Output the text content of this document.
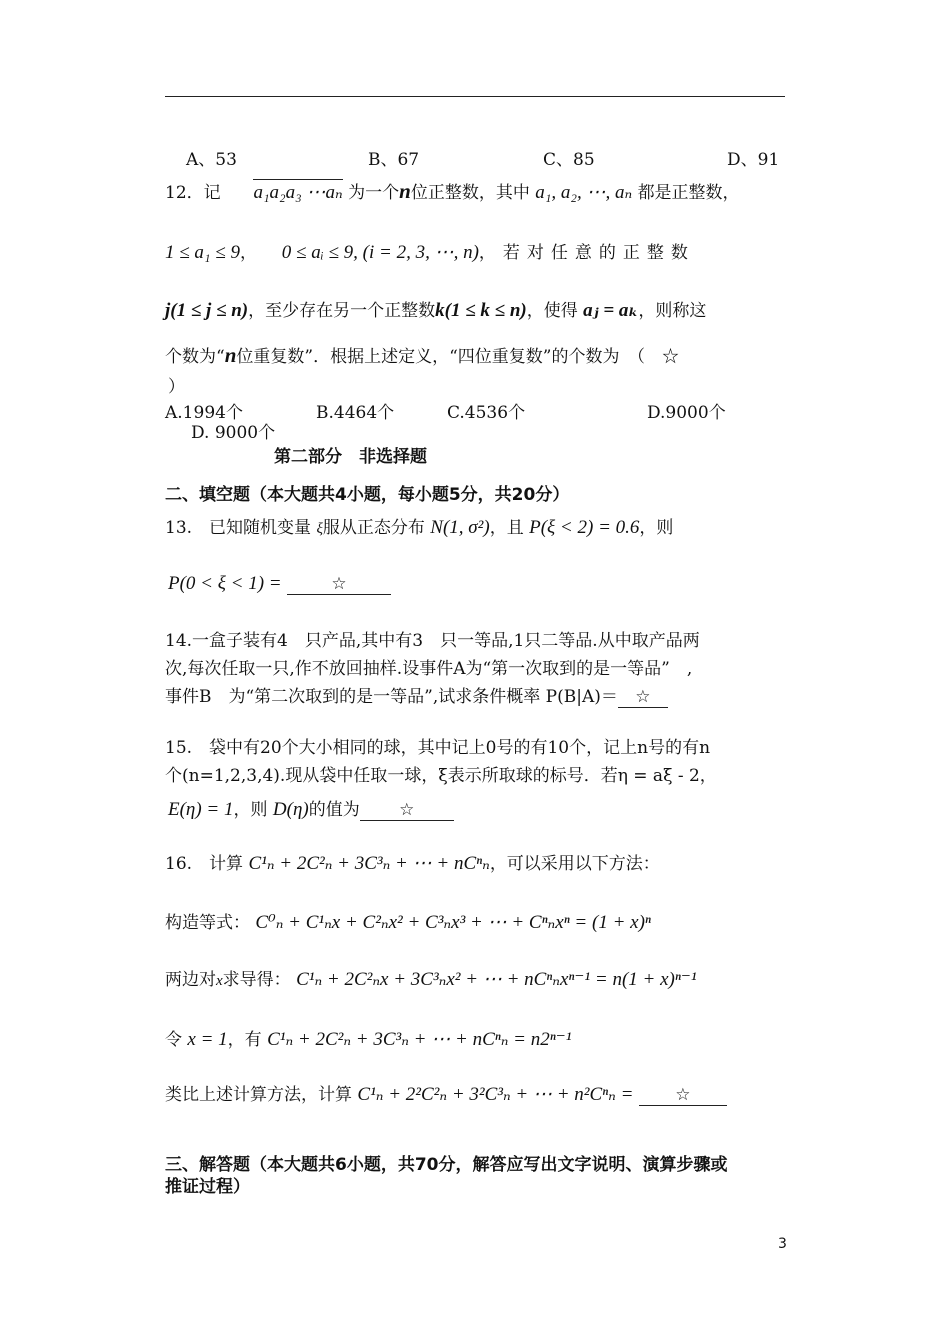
A、53	B、67	C、85	D、91
12．记 a₁a₂a₃ ⋯aₙ 为一个n位正整数，其中 a₁, a₂, ⋯, aₙ 都是正整数，
1 ≤ a₁ ≤ 9， 0 ≤ aᵢ ≤ 9, (i = 2, 3, ⋯, n)，若对任意的正整数
j(1 ≤ j ≤ n)，至少存在另一个正整数k(1 ≤ k ≤ n)，使得 aⱼ = aₖ，则称这
个数为“n位重复数”．根据上述定义，“四位重复数”的个数为　（　☆
）
A.1994个	B.4464个	C.4536个	D.9000个
D. 9000个
第二部分　非选择题
二、填空题（本大题共4小题，每小题5分，共20分）
13.　已知随机变量 ξ服从正态分布 N(1, σ²)，且 P(ξ < 2) = 0.6，则
P(0 < ξ < 1) =	☆
14.一盒子装有4　只产品,其中有3　只一等品,1只二等品.从中取产品两
次,每次任取一只,作不放回抽样.设事件A为“第一次取到的是一等品”　,
事件B　为“第二次取到的是一等品”,试求条件概率 P(B|A)＝ ☆
15.　袋中有20个大小相同的球，其中记上0号的有10个，记上n号的有n
个(n=1,2,3,4).现从袋中任取一球，ξ表示所取球的标号．若η = aξ - 2，
E(η) = 1，则 D(η)的值为 ☆
16.　计算 C¹ₙ + 2C²ₙ + 3C³ₙ + ⋯ + nCⁿₙ，可以采用以下方法：
构造等式： C⁰ₙ + C¹ₙx + C²ₙx² + C³ₙx³ + ⋯ + Cⁿₙxⁿ = (1 + x)ⁿ
两边对x求导得： C¹ₙ + 2C²ₙx + 3C³ₙx² + ⋯ + nCⁿₙxⁿ⁻¹ = n(1 + x)ⁿ⁻¹
令 x = 1，有 C¹ₙ + 2C²ₙ + 3C³ₙ + ⋯ + nCⁿₙ = n2ⁿ⁻¹
类比上述计算方法，计算 C¹ₙ + 2²C²ₙ + 3²C³ₙ + ⋯ + n²Cⁿₙ = ☆
三、解答题（本大题共6小题，共70分，解答应写出文字说明、演算步骤或
推证过程）
3
